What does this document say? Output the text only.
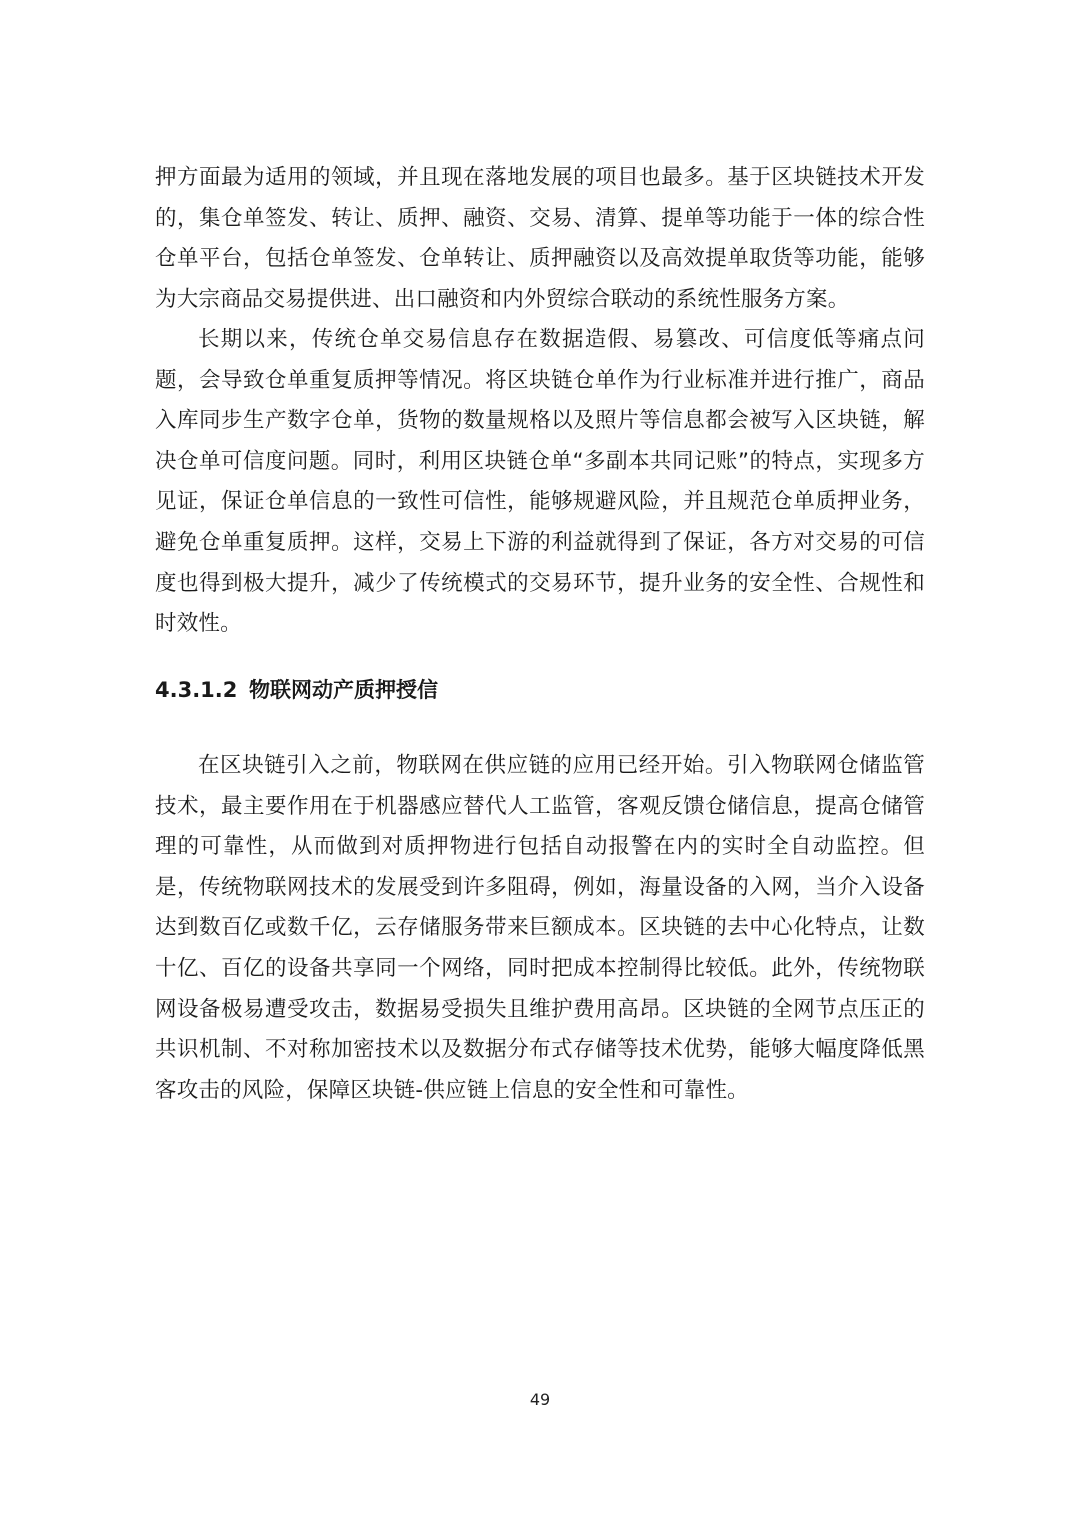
押方面最为适用的领域，并且现在落地发展的项目也最多。基于区块链技术开发的，集仓单签发、转让、质押、融资、交易、清算、提单等功能于一体的综合性仓单平台，包括仓单签发、仓单转让、质押融资以及高效提单取货等功能，能够为大宗商品交易提供进、出口融资和内外贸综合联动的系统性服务方案。

长期以来，传统仓单交易信息存在数据造假、易篡改、可信度低等痛点问题，会导致仓单重复质押等情况。将区块链仓单作为行业标准并进行推广，商品入库同步生产数字仓单，货物的数量规格以及照片等信息都会被写入区块链，解决仓单可信度问题。同时，利用区块链仓单“多副本共同记账”的特点，实现多方见证，保证仓单信息的一致性可信性，能够规避风险，并且规范仓单质押业务，避免仓单重复质押。这样，交易上下游的利益就得到了保证，各方对交易的可信度也得到极大提升，减少了传统模式的交易环节，提升业务的安全性、合规性和时效性。

4.3.1.2 物联网动产质押授信

在区块链引入之前，物联网在供应链的应用已经开始。引入物联网仓储监管技术，最主要作用在于机器感应替代人工监管，客观反馈仓储信息，提高仓储管理的可靠性，从而做到对质押物进行包括自动报警在内的实时全自动监控。但是，传统物联网技术的发展受到许多阻碍，例如，海量设备的入网，当介入设备达到数百亿或数千亿，云存储服务带来巨额成本。区块链的去中心化特点，让数十亿、百亿的设备共享同一个网络，同时把成本控制得比较低。此外，传统物联网设备极易遭受攻击，数据易受损失且维护费用高昂。区块链的全网节点压正的共识机制、不对称加密技术以及数据分布式存储等技术优势，能够大幅度降低黑客攻击的风险，保障区块链-供应链上信息的安全性和可靠性。

49
